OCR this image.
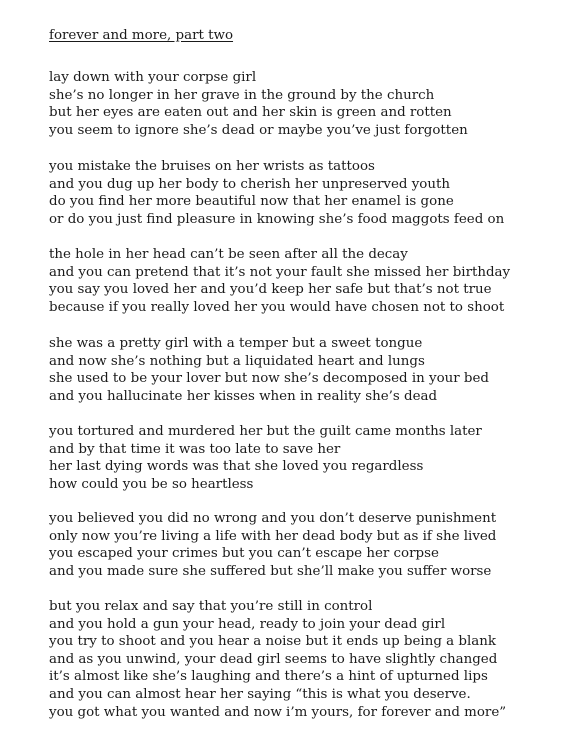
forever and more, part two
lay down with your corpse girl
she’s no longer in her grave in the ground by the church
but her eyes are eaten out and her skin is green and rotten
you seem to ignore she’s dead or maybe you’ve just forgotten
you mistake the bruises on her wrists as tattoos
and you dug up her body to cherish her unpreserved youth
do you find her more beautiful now that her enamel is gone
or do you just find pleasure in knowing she’s food maggots feed on
the hole in her head can’t be seen after all the decay
and you can pretend that it’s not your fault she missed her birthday
you say you loved her and you’d keep her safe but that’s not true
because if you really loved her you would have chosen not to shoot
she was a pretty girl with a temper but a sweet tongue
and now she’s nothing but a liquidated heart and lungs
she used to be your lover but now she’s decomposed in your bed
and you hallucinate her kisses when in reality she’s dead
you tortured and murdered her but the guilt came months later
and by that time it was too late to save her
her last dying words was that she loved you regardless
how could you be so heartless
you believed you did no wrong and you don’t deserve punishment
only now you’re living a life with her dead body but as if she lived
you escaped your crimes but you can’t escape her corpse
and you made sure she suffered but she’ll make you suffer worse
but you relax and say that you’re still in control
and you hold a gun your head, ready to join your dead girl
you try to shoot and you hear a noise but it ends up being a blank
and as you unwind, your dead girl seems to have slightly changed
it’s almost like she’s laughing and there’s a hint of upturned lips
and you can almost hear her saying “this is what you deserve.
you got what you wanted and now i’m yours, for forever and more”
